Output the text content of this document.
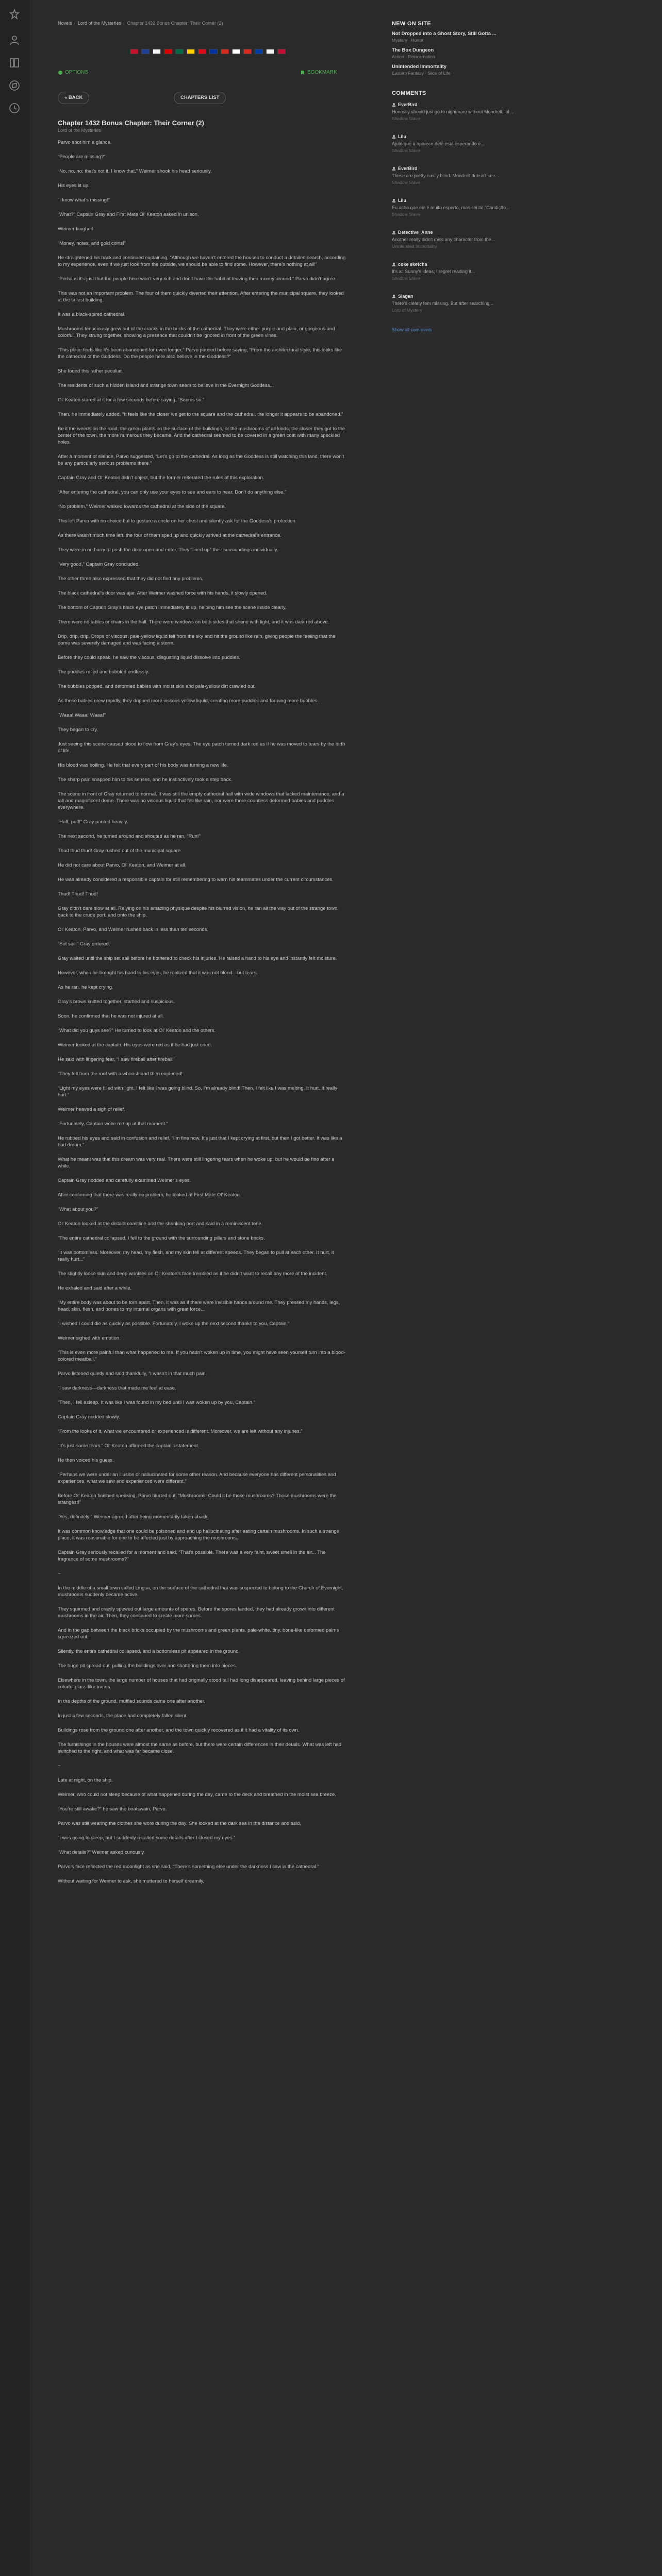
Novels › Lord of the Mysteries › Chapter 1432 Bonus Chapter: Their Corner (2)
OPTIONS	BOOKMARK
« BACK	CHAPTERS LIST
Chapter 1432 Bonus Chapter: Their Corner (2)
Lord of the Mysteries

Parvo shot him a glance.

“People are missing?”

“No, no, no; that’s not it. I know that,” Weimer shook his head seriously.

His eyes lit up.

“I know what’s missing!”

“What?” Captain Gray and First Mate Ol’ Keaton asked in unison.

Weimer laughed.

“Money, notes, and gold coins!”

He straightened his back and continued explaining, “Although we haven’t entered the houses to conduct a detailed search, according to my experience, even if we just look from the outside, we should be able to find some. However, there’s nothing at all!”

“Perhaps it’s just that the people here won’t very rich and don’t have the habit of leaving their money around.” Parvo didn’t agree.

This was not an important problem. The four of them quickly diverted their attention. After entering the municipal square, they looked at the tallest building.

It was a black-spired cathedral.

Mushrooms tenaciously grew out of the cracks in the bricks of the cathedral. They were either purple and plain, or gorgeous and colorful. They strung together, showing a presence that couldn’t be ignored in front of the green vines.

“This place feels like it’s been abandoned for even longer,” Parvo paused before saying, “From the architectural style, this looks like the cathedral of the Goddess. Do the people here also believe in the Goddess?”

She found this rather peculiar.

The residents of such a hidden island and strange town seem to believe in the Evernight Goddess...

Ol’ Keaton stared at it for a few seconds before saying, “Seems so.”

Then, he immediately added, “It feels like the closer we get to the square and the cathedral, the longer it appears to be abandoned.”

Be it the weeds on the road, the green plants on the surface of the buildings, or the mushrooms of all kinds, the closer they got to the center of the town, the more numerous they became. And the cathedral seemed to be covered in a green coat with many speckled holes.

After a moment of silence, Parvo suggested, “Let’s go to the cathedral. As long as the Goddess is still watching this land, there won’t be any particularly serious problems there.”

Captain Gray and Ol’ Keaton didn’t object, but the former reiterated the rules of this exploration.

“After entering the cathedral, you can only use your eyes to see and ears to hear. Don’t do anything else.”

“No problem.” Weimer walked towards the cathedral at the side of the square.

This left Parvo with no choice but to gesture a circle on her chest and silently ask for the Goddess’s protection.

As there wasn’t much time left, the four of them sped up and quickly arrived at the cathedral’s entrance.

They were in no hurry to push the door open and enter. They “lined up” their surroundings individually.

“Very good,” Captain Gray concluded.

The other three also expressed that they did not find any problems.

The black cathedral’s door was ajar. After Weimer washed force with his hands, it slowly opened.

The bottom of Captain Gray’s black eye patch immediately lit up, helping him see the scene inside clearly.

There were no tables or chairs in the hall. There were windows on both sides that shone with light, and it was dark red above.

Drip, drip, drip. Drops of viscous, pale-yellow liquid fell from the sky and hit the ground like rain, giving people the feeling that the dome was severely damaged and was facing a storm.

Before they could speak, he saw the viscous, disgusting liquid dissolve into puddles.

The puddles rolled and bubbled endlessly.

The bubbles popped, and deformed babies with moist skin and pale-yellow dirt crawled out.

As these babies grew rapidly, they dripped more viscous yellow liquid, creating more puddles and forming more bubbles.

“Waaa! Waaa! Waaa!”

They began to cry.

Just seeing this scene caused blood to flow from Gray’s eyes. The eye patch turned dark red as if he was moved to tears by the birth of life.

His blood was boiling. He felt that every part of his body was turning a new life.

The sharp pain snapped him to his senses, and he instinctively took a step back.

The scene in front of Gray returned to normal. It was still the empty cathedral hall with wide windows that lacked maintenance, and a tall and magnificent dome. There was no viscous liquid that fell like rain, nor were there countless deformed babies and puddles everywhere.

“Huff, puff!” Gray panted heavily.

The next second, he turned around and shouted as he ran, “Run!”

Thud thud thud! Gray rushed out of the municipal square.

He did not care about Parvo, Ol’ Keaton, and Weimer at all.

He was already considered a responsible captain for still remembering to warn his teammates under the current circumstances.

Thud! Thud! Thud!

Gray didn’t dare slow at all. Relying on his amazing physique despite his blurred vision, he ran all the way out of the strange town, back to the crude port, and onto the ship.

Ol’ Keaton, Parvo, and Weimer rushed back in less than ten seconds.

“Set sail!” Gray ordered.

Gray waited until the ship set sail before he bothered to check his injuries. He raised a hand to his eye and instantly felt moisture.

However, when he brought his hand to his eyes, he realized that it was not blood—but tears.

As he ran, he kept crying.

Gray’s brows knitted together, startled and suspicious.

Soon, he confirmed that he was not injured at all.

“What did you guys see?” He turned to look at Ol’ Keaton and the others.

Weimer looked at the captain. His eyes were red as if he had just cried.

He said with lingering fear, “I saw fireball after fireball!”

“They fell from the roof with a whoosh and then exploded!

“Light my eyes were filled with light. I felt like I was going blind. So, I’m already blind! Then, I felt like I was melting. It hurt. It really hurt.”

Weimer heaved a sigh of relief.

“Fortunately, Captain woke me up at that moment.”

He rubbed his eyes and said in confusion and relief, “I’m fine now. It’s just that I kept crying at first, but then I got better. It was like a bad dream.”

What he meant was that this dream was very real. There were still lingering tears when he woke up, but he would be fine after a while.

Captain Gray nodded and carefully examined Weimer’s eyes.

After confirming that there was really no problem, he looked at First Mate Ol’ Keaton.

“What about you?”

Ol’ Keaton looked at the distant coastline and the shrinking port and said in a reminiscent tone.

“The entire cathedral collapsed. I fell to the ground with the surrounding pillars and stone bricks.

“It was bottomless. Moreover, my head, my flesh, and my skin fell at different speeds. They began to pull at each other. It hurt, it really hurt...”

The slightly loose skin and deep wrinkles on Ol’ Keaton’s face trembled as if he didn’t want to recall any more of the incident.

He exhaled and said after a while,

“My entire body was about to be torn apart. Then, it was as if there were invisible hands around me. They pressed my hands, legs, head, skin, flesh, and bones to my internal organs with great force...

“I wished I could die as quickly as possible. Fortunately, I woke up the next second thanks to you, Captain.”

Weimer sighed with emotion.

“This is even more painful than what happened to me. If you hadn’t woken up in time, you might have seen yourself turn into a blood-colored meatball.”

Parvo listened quietly and said thankfully, “I wasn’t in that much pain.

“I saw darkness—darkness that made me feel at ease.

“Then, I fell asleep. It was like I was found in my bed until I was woken up by you, Captain.”

Captain Gray nodded slowly.

“From the looks of it, what we encountered or experienced is different. Moreover, we are left without any injuries.”

“It’s just some tears.” Ol’ Keaton affirmed the captain’s statement.

He then voiced his guess.

“Perhaps we were under an illusion or hallucinated for some other reason. And because everyone has different personalities and experiences, what we saw and experienced were different.”

Before Ol’ Keaton finished speaking, Parvo blurted out, “Mushrooms! Could it be those mushrooms? Those mushrooms were the strangest!”

“Yes, definitely!” Weimer agreed after being momentarily taken aback.

It was common knowledge that one could be poisoned and end up hallucinating after eating certain mushrooms. In such a strange place, it was reasonable for one to be affected just by approaching the mushrooms.

Captain Gray seriously recalled for a moment and said, “That’s possible. There was a very faint, sweet smell in the air... The fragrance of some mushrooms?”

~

In the middle of a small town called Lingsa, on the surface of the cathedral that was suspected to belong to the Church of Evernight, mushrooms suddenly became active.

They squirmed and crazily spewed out large amounts of spores. Before the spores landed, they had already grown into different mushrooms in the air. Then, they continued to create more spores.

And in the gap between the black bricks occupied by the mushrooms and green plants, pale-white, tiny, bone-like deformed palms squeezed out.

Silently, the entire cathedral collapsed, and a bottomless pit appeared in the ground.

The huge pit spread out, pulling the buildings over and shattering them into pieces.

Elsewhere in the town, the large number of houses that had originally stood tall had long disappeared, leaving behind large pieces of colorful glass-like traces.

In the depths of the ground, muffled sounds came one after another.

In just a few seconds, the place had completely fallen silent.

Buildings rose from the ground one after another, and the town quickly recovered as if it had a vitality of its own.

The furnishings in the houses were almost the same as before, but there were certain differences in their details. What was left had switched to the right, and what was far became close.

~

Late at night, on the ship.

Weimer, who could not sleep because of what happened during the day, came to the deck and breathed in the moist sea breeze.

“You’re still awake?” he saw the boatswain, Parvo.

Parvo was still wearing the clothes she wore during the day. She looked at the dark sea in the distance and said,

“I was going to sleep, but I suddenly recalled some details after I closed my eyes.”

“What details?” Weimer asked curiously.

Parvo’s face reflected the red moonlight as she said, “There’s something else under the darkness I saw in the cathedral.”

Without waiting for Weimer to ask, she muttered to herself dreamily,

NEW ON SITE
Not Dropped into a Ghost Story, Still Gotta ...
Mystery · Horror
The Box Dungeon
Action · Reincarnation
Unintended Immortality
Eastern Fantasy · Slice of Life
COMMENTS
EverBird
Honestly should just go to nightmare without Mondrell, lol ...
Shadow Slave
Lilu
Ajuto que a aparece dele está esperando o...
Shadow Slave
EverBird
These are pretty easily blind. Mondrell doesn't see...
Shadow Slave
Lilu
Eu acho que ele é muito esperto, mas sei lá! “Condição...
Shadow Slave
Detective_Anne
Another really didn't miss any character from the...
Unintended Immortality
coke sketcha
It's all Sunny's ideas; I regret reading it...
Shadow Slave
Slagen
There's clearly fem missing. But after searching...
Lord of Mystery
Show all comments
